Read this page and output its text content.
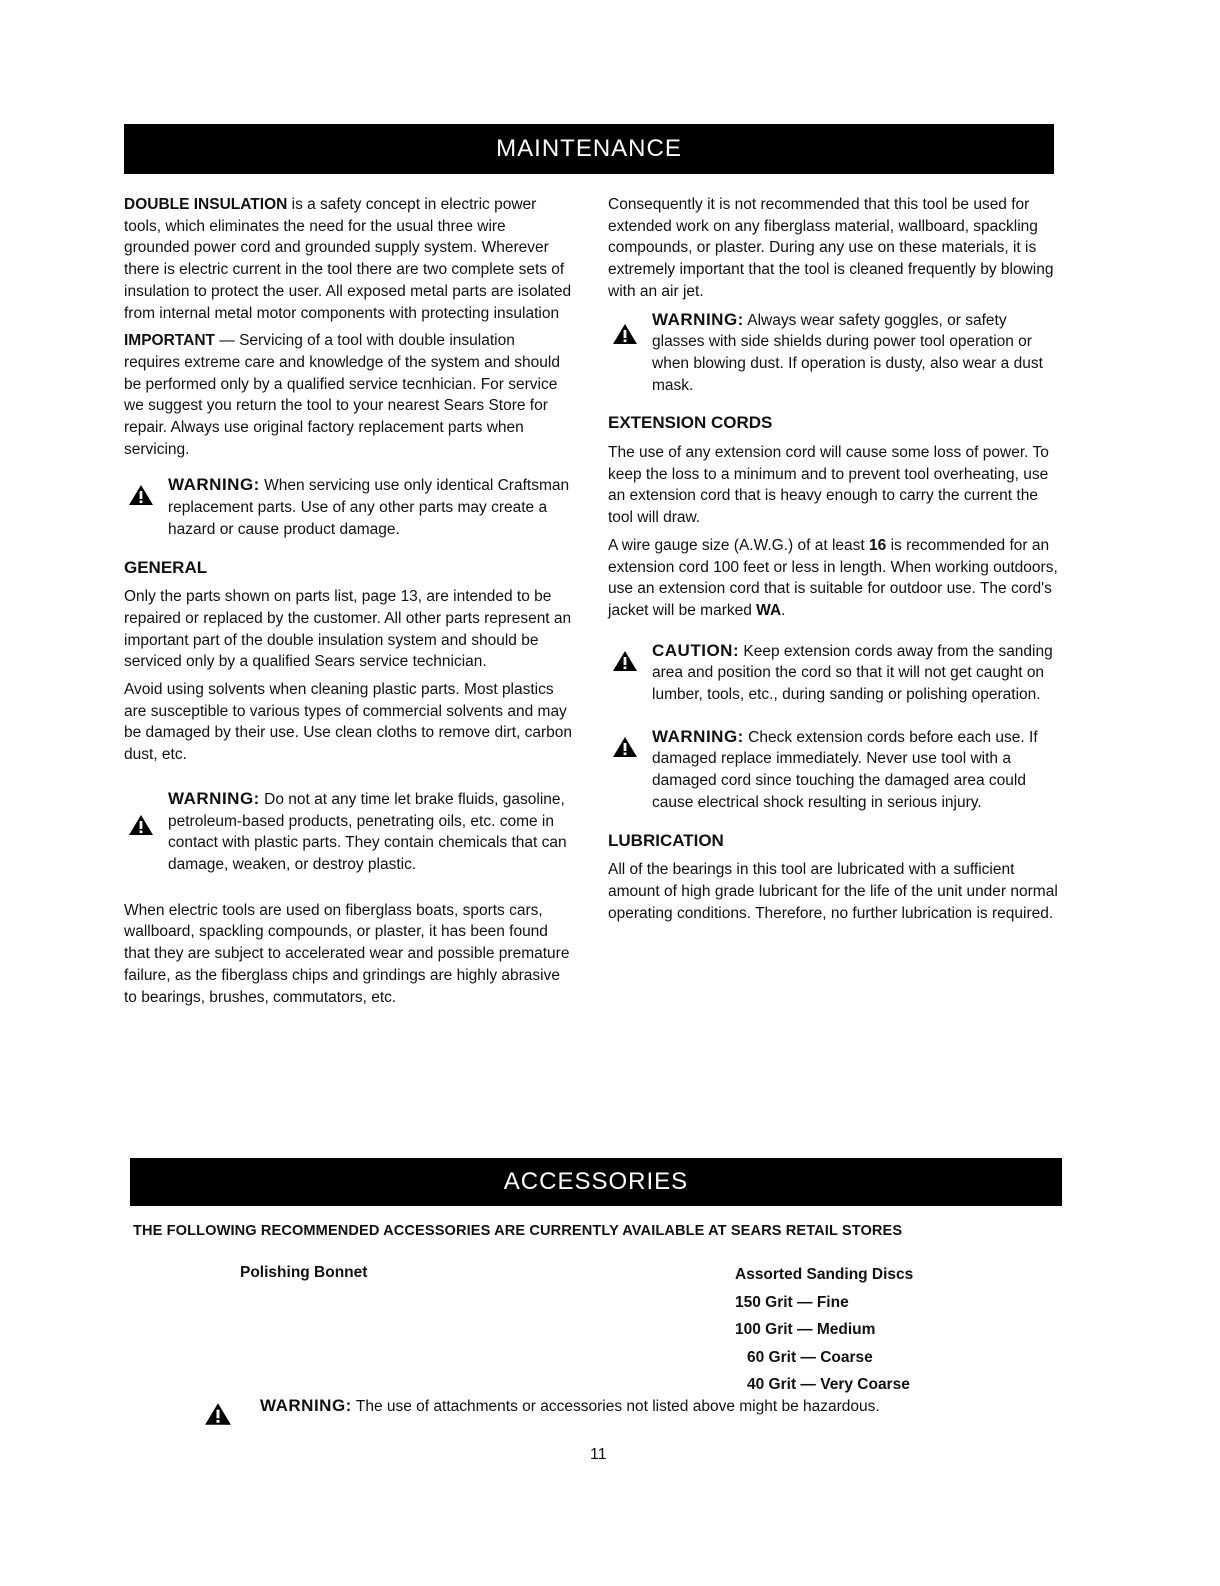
MAINTENANCE

DOUBLE INSULATION is a safety concept in electric power tools, which eliminates the need for the usual three wire grounded power cord and grounded supply system. Wherever there is electric current in the tool there are two complete sets of insulation to protect the user. All exposed metal parts are isolated from internal metal motor components with protecting insulation

IMPORTANT — Servicing of a tool with double insulation requires extreme care and knowledge of the system and should be performed only by a qualified service tecnhician. For service we suggest you return the tool to your nearest Sears Store for repair. Always use original factory replacement parts when servicing.

WARNING: When servicing use only identical Craftsman replacement parts. Use of any other parts may create a hazard or cause product damage.
GENERAL

Only the parts shown on parts list, page 13, are intended to be repaired or replaced by the customer. All other parts represent an important part of the double insulation system and should be serviced only by a qualified Sears service technician.

Avoid using solvents when cleaning plastic parts. Most plastics are susceptible to various types of commercial solvents and may be damaged by their use. Use clean cloths to remove dirt, carbon dust, etc.

WARNING: Do not at any time let brake fluids, gasoline, petroleum-based products, penetrating oils, etc. come in contact with plastic parts. They contain chemicals that can damage, weaken, or destroy plastic.

When electric tools are used on fiberglass boats, sports cars, wallboard, spackling compounds, or plaster, it has been found that they are subject to accelerated wear and possible premature failure, as the fiberglass chips and grindings are highly abrasive to bearings, brushes, commutators, etc.

Consequently it is not recommended that this tool be used for extended work on any fiberglass material, wallboard, spackling compounds, or plaster. During any use on these materials, it is extremely important that the tool is cleaned frequently by blowing with an air jet.

WARNING: Always wear safety goggles, or safety glasses with side shields during power tool operation or when blowing dust. If operation is dusty, also wear a dust mask.
EXTENSION CORDS

The use of any extension cord will cause some loss of power. To keep the loss to a minimum and to prevent tool overheating, use an extension cord that is heavy enough to carry the current the tool will draw.

A wire gauge size (A.W.G.) of at least 16 is recommended for an extension cord 100 feet or less in length. When working outdoors, use an extension cord that is suitable for outdoor use. The cord's jacket will be marked WA.

CAUTION: Keep extension cords away from the sanding area and position the cord so that it will not get caught on lumber, tools, etc., during sanding or polishing operation.
WARNING: Check extension cords before each use. If damaged replace immediately. Never use tool with a damaged cord since touching the damaged area could cause electrical shock resulting in serious injury.
LUBRICATION

All of the bearings in this tool are lubricated with a sufficient amount of high grade lubricant for the life of the unit under normal operating conditions. Therefore, no further lubrication is required.

ACCESSORIES
THE FOLLOWING RECOMMENDED ACCESSORIES ARE CURRENTLY AVAILABLE AT SEARS RETAIL STORES
Polishing Bonnet	Assorted Sanding Discs
150 Grit — Fine
100 Grit — Medium
60 Grit — Coarse
40 Grit — Very Coarse
WARNING: The use of attachments or accessories not listed above might be hazardous.
11
